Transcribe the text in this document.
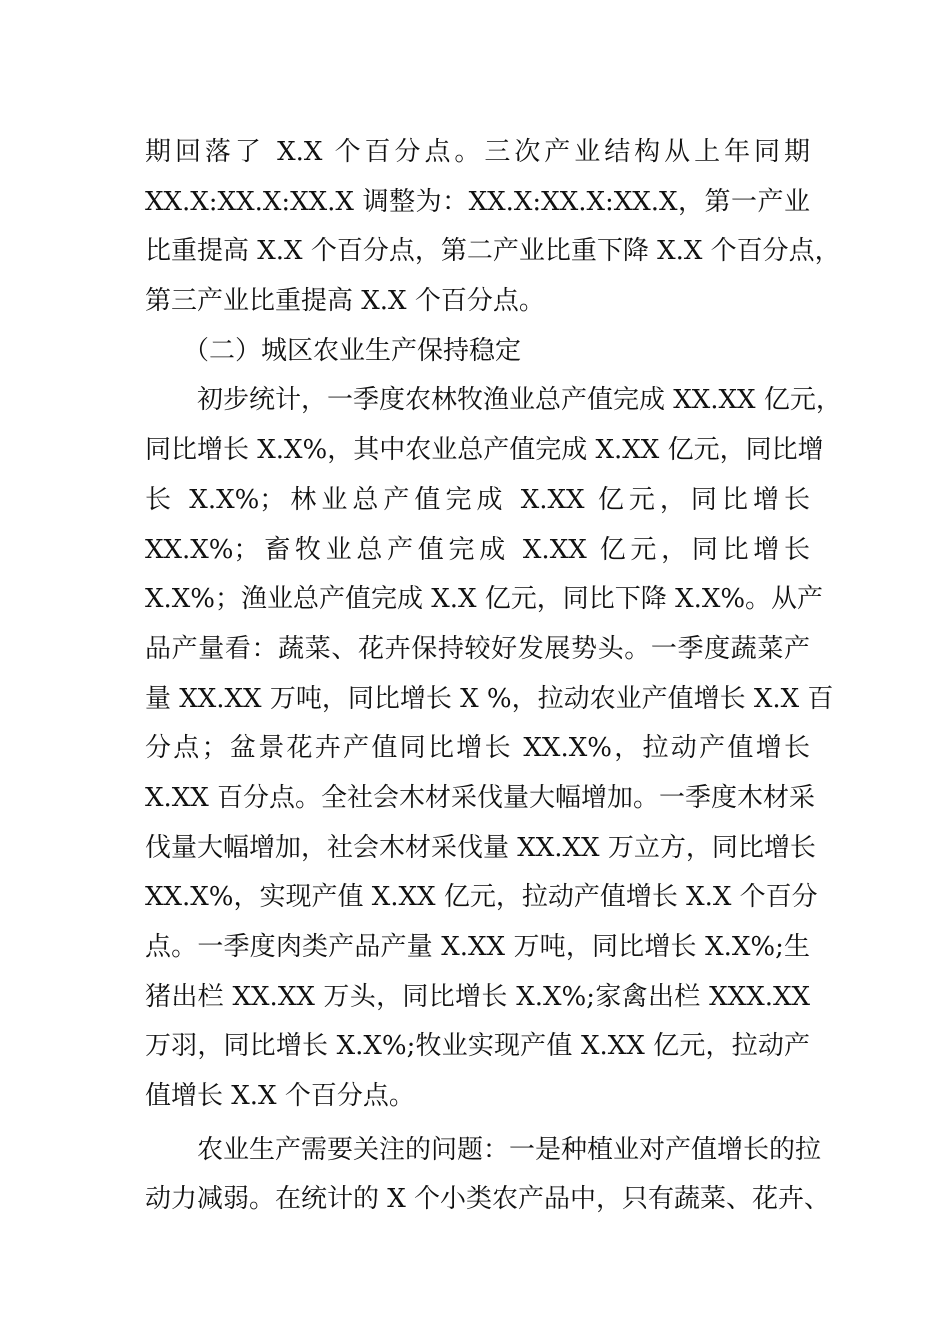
期回落了 X.X 个百分点。三次产业结构从上年同期
XX.X:XX.X:XX.X 调整为：XX.X:XX.X:XX.X，第一产业
比重提高 X.X 个百分点，第二产业比重下降 X.X 个百分点，
第三产业比重提高 X.X 个百分点。
（二）城区农业生产保持稳定
初步统计，一季度农林牧渔业总产值完成 XX.XX 亿元，
同比增长 X.X%，其中农业总产值完成 X.XX 亿元，同比增
长 X.X%；林业总产值完成 X.XX 亿元，同比增长
XX.X%；畜牧业总产值完成 X.XX 亿元，同比增长
X.X%；渔业总产值完成 X.X 亿元，同比下降 X.X%。从产
品产量看：蔬菜、花卉保持较好发展势头。一季度蔬菜产
量 XX.XX 万吨，同比增长 X %，拉动农业产值增长 X.X 百
分点；盆景花卉产值同比增长 XX.X%，拉动产值增长
X.XX 百分点。全社会木材采伐量大幅增加。一季度木材采
伐量大幅增加，社会木材采伐量 XX.XX 万立方，同比增长
XX.X%，实现产值 X.XX 亿元，拉动产值增长 X.X 个百分
点。一季度肉类产品产量 X.XX 万吨，同比增长 X.X%;生
猪出栏 XX.XX 万头，同比增长 X.X%;家禽出栏 XXX.XX
万羽，同比增长 X.X%;牧业实现产值 X.XX 亿元，拉动产
值增长 X.X 个百分点。
农业生产需要关注的问题：一是种植业对产值增长的拉
动力减弱。在统计的 X 个小类农产品中，只有蔬菜、花卉、
